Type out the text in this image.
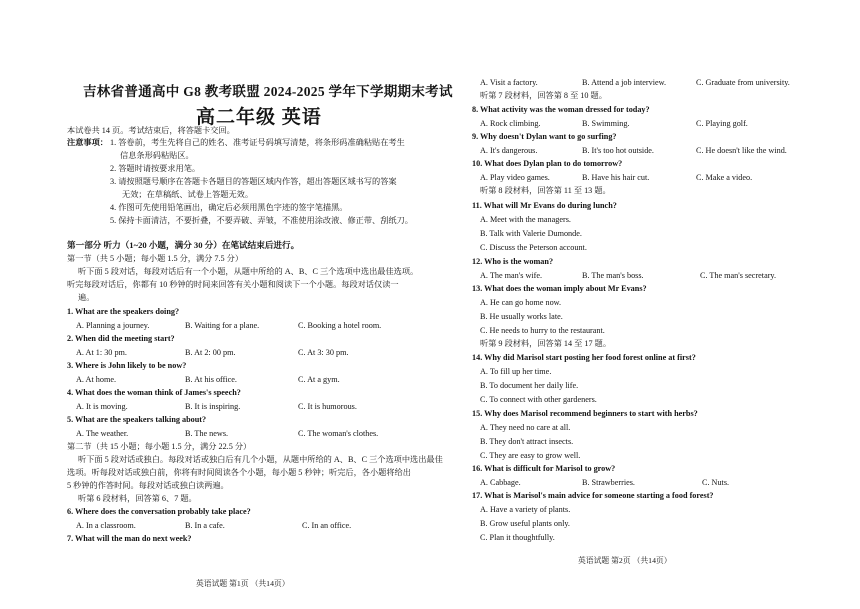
吉林省普通高中 G8 教考联盟 2024-2025 学年下学期期末考试
高二年级 英语
本试卷共 14 页。考试结束后，将答题卡交回。
注意事项： 1. 答卷前，考生先将自己的姓名、准考证号码填写清楚，将条形码准确粘贴在考生
信息条形码粘贴区。
2. 答题时请按要求用笔。
3. 请按照题号顺序在答题卡各题目的答题区域内作答，超出答题区域书写的答案
无效；在草稿纸、试卷上答题无效。
4. 作图可先使用铅笔画出，确定后必须用黑色字迹的签字笔描黑。
5. 保持卡面清洁，不要折叠，不要弄破、弄皱，不准使用涂改液、修正带、刮纸刀。
第一部分 听力（1~20 小题，满分 30 分）在笔试结束后进行。
第一节（共 5 小题；每小题 1.5 分，满分 7.5 分）
听下面 5 段对话，每段对话后有一个小题，从题中所给的 A、B、C 三个选项中选出最佳选项。
听完每段对话后，你都有 10 秒钟的时间来回答有关小题和阅读下一个小题。每段对话仅读一
遍。
1. What are the speakers doing?
A. Planning a journey.	B. Waiting for a plane.	C. Booking a hotel room.
2. When did the meeting start?
A. At 1: 30 pm.	B. At 2: 00 pm.	C. At 3: 30 pm.
3. Where is John likely to be now?
A. At home.	B. At his office.	C. At a gym.
4. What does the woman think of James's speech?
A. It is moving.	B. It is inspiring.	C. It is humorous.
5. What are the speakers talking about?
A. The weather.	B. The news.	C. The woman's clothes.
第二节（共 15 小题；每小题 1.5 分，满分 22.5 分）
听下面 5 段对话或独白。每段对话或独白后有几个小题，从题中所给的 A、B、C 三个选项中选出最佳
选项。听每段对话或独白前，你将有时间阅读各个小题，每小题 5 秒钟；听完后，各小题将给出
5 秒钟的作答时间。每段对话或独白读两遍。
听第 6 段材料，回答第 6、7 题。
6. Where does the conversation probably take place?
A. In a classroom.	B. In a cafe.	C. In an office.
7. What will the man do next week?
英语试题 第1页 （共14页）
A. Visit a factory.	B. Attend a job interview.	C. Graduate from university.
听第 7 段材料，回答第 8 至 10 题。
8. What activity was the woman dressed for today?
A. Rock climbing.	B. Swimming.	C. Playing golf.
9. Why doesn't Dylan want to go surfing?
A. It's dangerous.	B. It's too hot outside.	C. He doesn't like the wind.
10. What does Dylan plan to do tomorrow?
A. Play video games.	B. Have his hair cut.	C. Make a video.
听第 8 段材料，回答第 11 至 13 题。
11. What will Mr Evans do during lunch?
A. Meet with the managers.
B. Talk with Valerie Dumonde.
C. Discuss the Peterson account.
12. Who is the woman?
A. The man's wife.	B. The man's boss.	C. The man's secretary.
13. What does the woman imply about Mr Evans?
A. He can go home now.
B. He usually works late.
C. He needs to hurry to the restaurant.
听第 9 段材料，回答第 14 至 17 题。
14. Why did Marisol start posting her food forest online at first?
A. To fill up her time.
B. To document her daily life.
C. To connect with other gardeners.
15. Why does Marisol recommend beginners to start with herbs?
A. They need no care at all.
B. They don't attract insects.
C. They are easy to grow well.
16. What is difficult for Marisol to grow?
A. Cabbage.	B. Strawberries.	C. Nuts.
17. What is Marisol's main advice for someone starting a food forest?
A. Have a variety of plants.
B. Grow useful plants only.
C. Plan it thoughtfully.
英语试题 第2页 （共14页）
